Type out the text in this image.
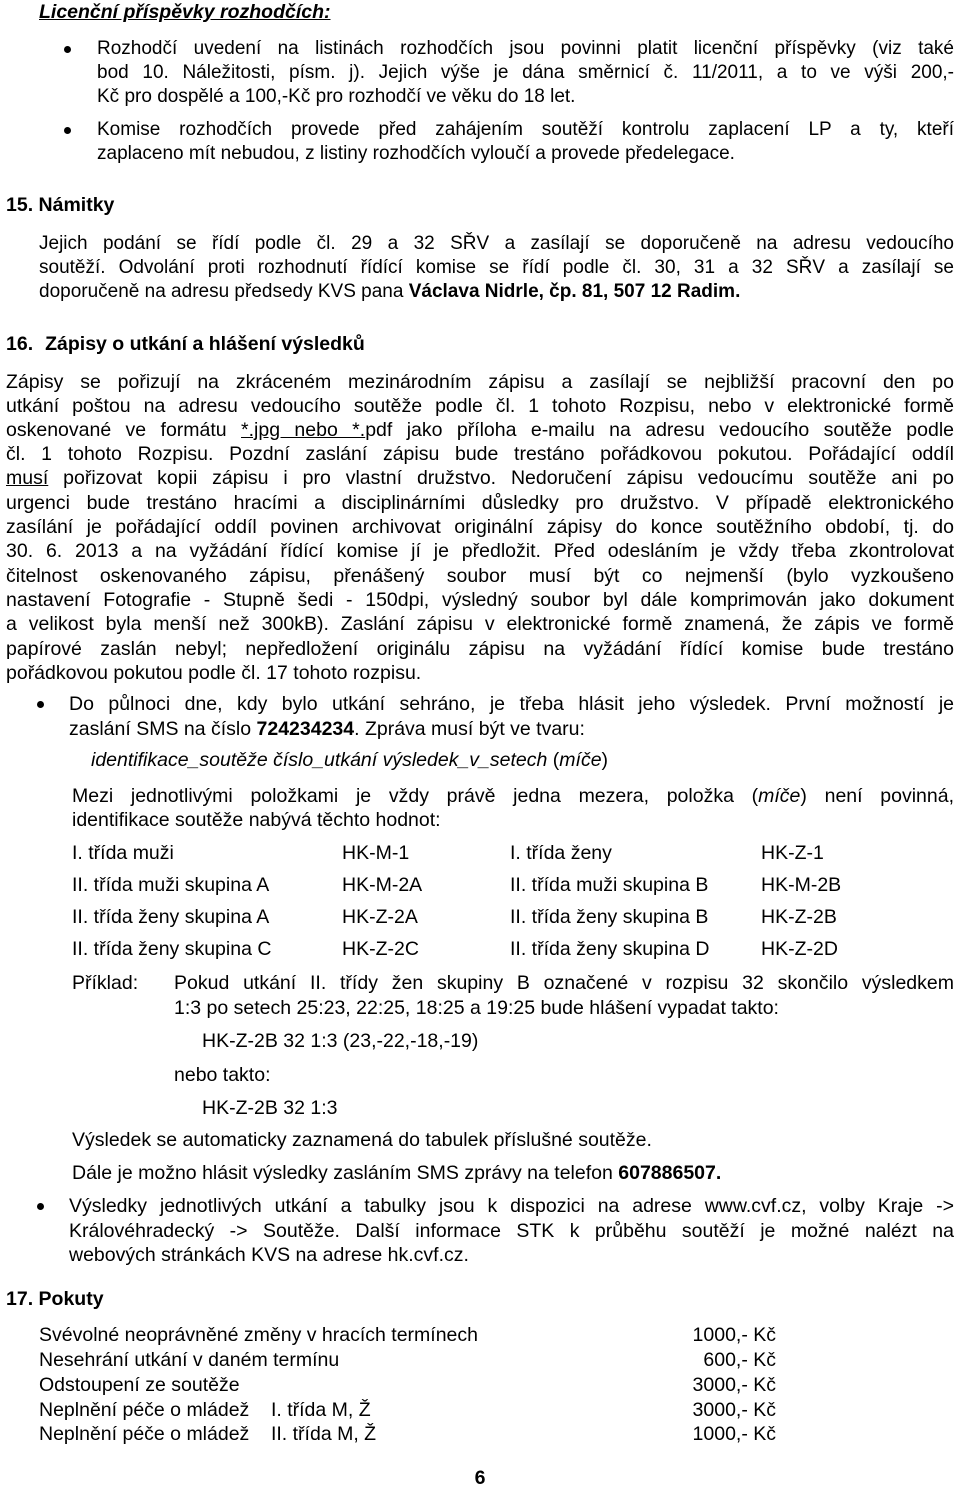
Licenční příspěvky rozhodčích:
Rozhodčí uvedení na listinách rozhodčích jsou povinni platit licenční příspěvky (viz také
bod 10. Náležitosti, písm. j). Jejich výše je dána směrnicí č. 11/2011, a to ve výši 200,-
Kč pro dospělé a 100,-Kč pro rozhodčí ve věku do 18 let.
Komise rozhodčích provede před zahájením soutěží kontrolu zaplacení LP a ty, kteří
zaplaceno mít nebudou, z listiny rozhodčích vyloučí a provede předelegace.
15. Námitky
Jejich podání se řídí podle čl. 29 a 32 SŘV a zasílají se doporučeně na adresu vedoucího
soutěží. Odvolání proti rozhodnutí řídící komise se řídí podle čl. 30, 31 a 32 SŘV a zasílají se
doporučeně na adresu předsedy KVS pana Václava Nidrle, čp. 81, 507 12 Radim.
16. Zápisy o utkání a hlášení výsledků
Zápisy se pořizují na zkráceném mezinárodním zápisu a zasílají se nejbližší pracovní den po
utkání poštou na adresu vedoucího soutěže podle čl. 1 tohoto Rozpisu, nebo v elektronické formě
oskenované ve formátu *.jpg nebo *.pdf jako příloha e-mailu na adresu vedoucího soutěže podle
čl. 1 tohoto Rozpisu. Pozdní zaslání zápisu bude trestáno pořádkovou pokutou. Pořádající oddíl
musí pořizovat kopii zápisu i pro vlastní družstvo. Nedoručení zápisu vedoucímu soutěže ani po
urgenci bude trestáno hracími a disciplinárními důsledky pro družstvo. V případě elektronického
zasílání je pořádající oddíl povinen archivovat originální zápisy do konce soutěžního období, tj. do
30. 6. 2013 a na vyžádání řídící komise jí je předložit. Před odesláním je vždy třeba zkontrolovat
čitelnost oskenovaného zápisu, přenášený soubor musí být co nejmenší (bylo vyzkoušeno
nastavení Fotografie - Stupně šedi - 150dpi, výsledný soubor byl dále komprimován jako dokument
a velikost byla menší než 300kB). Zaslání zápisu v elektronické formě znamená, že zápis ve formě
papírové zaslán nebyl; nepředložení originálu zápisu na vyžádání řídící komise bude trestáno
pořádkovou pokutou podle čl. 17 tohoto rozpisu.
Do půlnoci dne, kdy bylo utkání sehráno, je třeba hlásit jeho výsledek. První možností je
zaslání SMS na číslo 724234234. Zpráva musí být ve tvaru:
identifikace_soutěže číslo_utkání výsledek_v_setech (míče)
Mezi jednotlivými položkami je vždy právě jedna mezera, položka (míče) není povinná,
identifikace soutěže nabývá těchto hodnot:
I. třída muži	HK-M-1	I. třída ženy	HK-Z-1
II. třída muži skupina A	HK-M-2A	II. třída muži skupina B	HK-M-2B
II. třída ženy skupina A	HK-Z-2A	II. třída ženy skupina B	HK-Z-2B
II. třída ženy skupina C	HK-Z-2C	II. třída ženy skupina D	HK-Z-2D
Příklad: Pokud utkání II. třídy žen skupiny B označené v rozpisu 32 skončilo výsledkem
1:3 po setech 25:23, 22:25, 18:25 a 19:25 bude hlášení vypadat takto:
HK-Z-2B 32 1:3 (23,-22,-18,-19)
nebo takto:
HK-Z-2B 32 1:3
Výsledek se automaticky zaznamená do tabulek příslušné soutěže.
Dále je možno hlásit výsledky zasláním SMS zprávy na telefon 607886507.
Výsledky jednotlivých utkání a tabulky jsou k dispozici na adrese www.cvf.cz, volby Kraje ->
Královéhradecký -> Soutěže. Další informace STK k průběhu soutěží je možné nalézt na
webových stránkách KVS na adrese hk.cvf.cz.
17. Pokuty
Svévolné neoprávněné změny v hracích termínech	1000,- Kč
Nesehrání utkání v daném termínu	600,- Kč
Odstoupení ze soutěže	3000,- Kč
Neplnění péče o mládež    I. třída M, Ž	3000,- Kč
Neplnění péče o mládež    II. třída M, Ž	1000,- Kč
6
